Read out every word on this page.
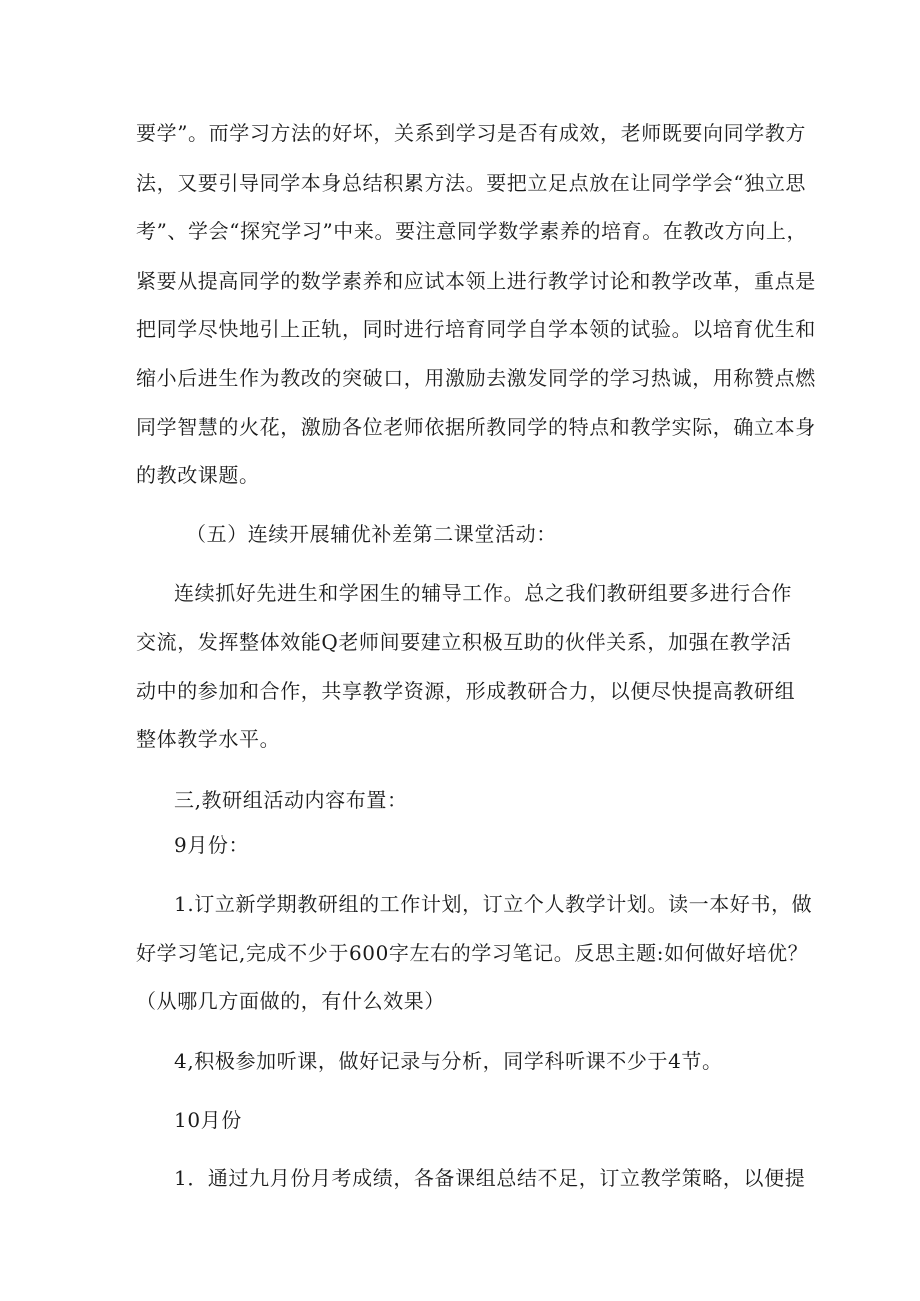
要学”。而学习方法的好坏，关系到学习是否有成效，老师既要向同学教方
法，又要引导同学本身总结积累方法。要把立足点放在让同学学会“独立思
考”、学会“探究学习”中来。要注意同学数学素养的培育。在教改方向上，
紧要从提高同学的数学素养和应试本领上进行教学讨论和教学改革，重点是
把同学尽快地引上正轨，同时进行培育同学自学本领的试验。以培育优生和
缩小后进生作为教改的突破口，用激励去激发同学的学习热诚，用称赞点燃
同学智慧的火花，激励各位老师依据所教同学的特点和教学实际，确立本身
的教改课题。
（五）连续开展辅优补差第二课堂活动：
连续抓好先进生和学困生的辅导工作。总之我们教研组要多进行合作
交流，发挥整体效能Q老师间要建立积极互助的伙伴关系，加强在教学活
动中的参加和合作，共享教学资源，形成教研合力，以便尽快提高教研组
整体教学水平。
三,教研组活动内容布置：
9月份：
1.订立新学期教研组的工作计划，订立个人教学计划。读一本好书，做
好学习笔记,完成不少于600字左右的学习笔记。反思主题:如何做好培优？
（从哪几方面做的，有什么效果）
4,积极参加听课，做好记录与分析，同学科听课不少于4节。
10月份
1．通过九月份月考成绩，各备课组总结不足，订立教学策略，以便提
